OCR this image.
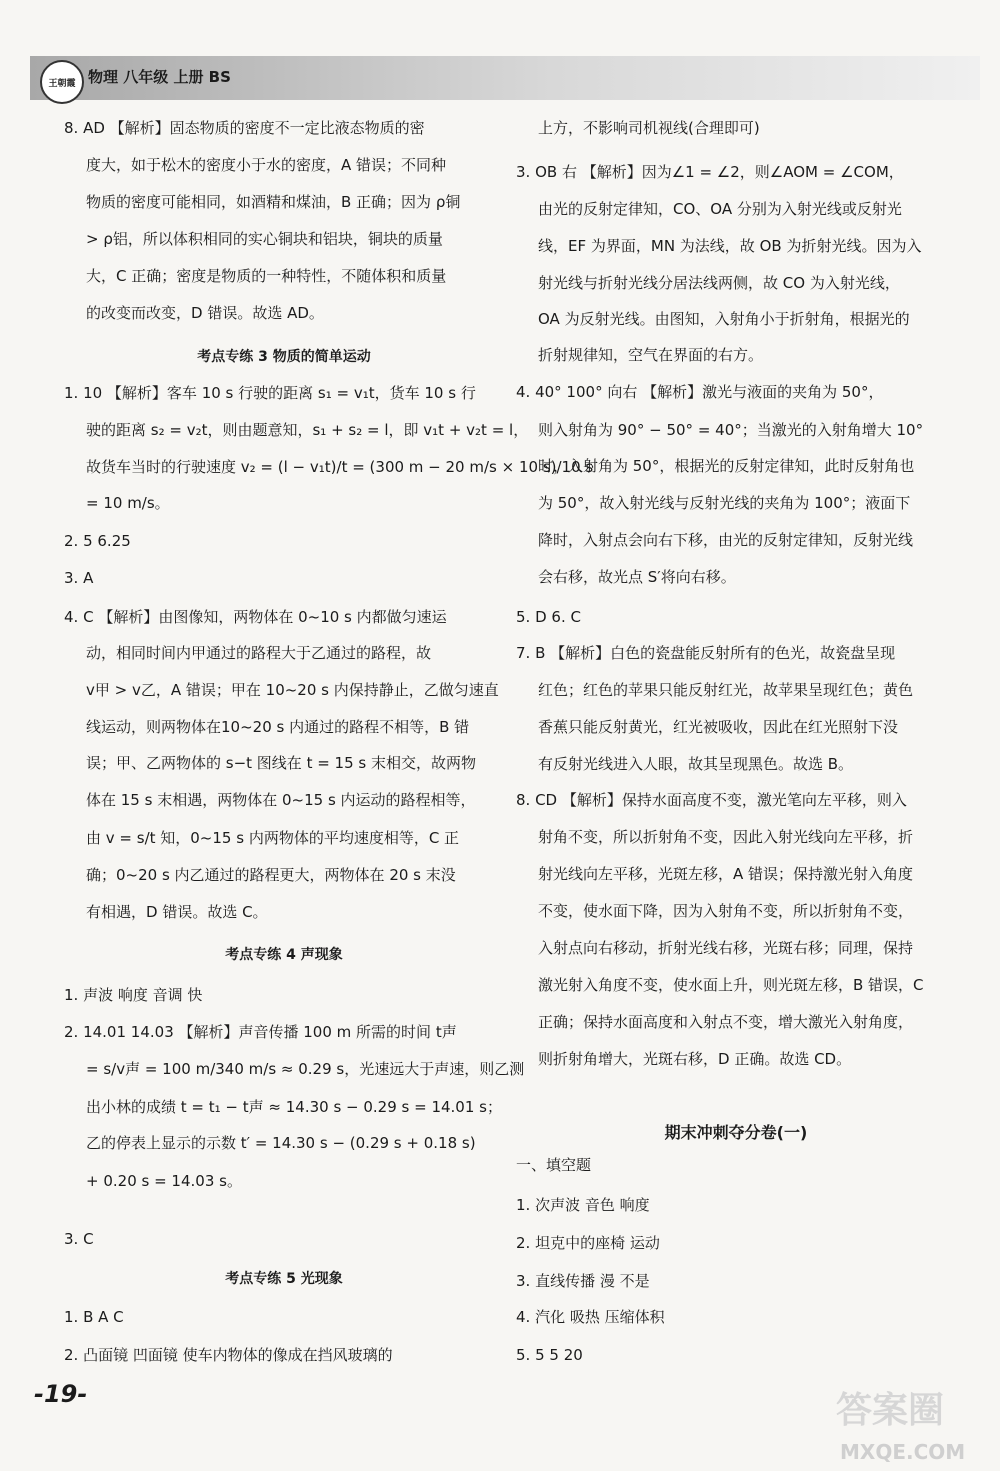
王朝霞 物理 八年级 上册 BS
8. AD 【解析】固态物质的密度不一定比液态物质的密
度大，如于松木的密度小于水的密度，A 错误；不同种
物质的密度可能相同，如酒精和煤油，B 正确；因为 ρ铜
> ρ铝，所以体积相同的实心铜块和铝块，铜块的质量
大，C 正确；密度是物质的一种特性，不随体积和质量
的改变而改变，D 错误。故选 AD。
考点专练 3 物质的简单运动
1. 10 【解析】客车 10 s 行驶的距离 s₁ = v₁t，货车 10 s 行
驶的距离 s₂ = v₂t，则由题意知，s₁ + s₂ = l，即 v₁t + v₂t = l，
故货车当时的行驶速度 v₂ = (l − v₁t)/t = (300 m − 20 m/s × 10 s)/10 s
= 10 m/s。
2. 5 6.25
3. A
4. C 【解析】由图像知，两物体在 0~10 s 内都做匀速运
动，相同时间内甲通过的路程大于乙通过的路程，故
v甲 > v乙，A 错误；甲在 10~20 s 内保持静止，乙做匀速直
线运动，则两物体在10~20 s 内通过的路程不相等，B 错
误；甲、乙两物体的 s−t 图线在 t = 15 s 末相交，故两物
体在 15 s 末相遇，两物体在 0~15 s 内运动的路程相等，
由 v = s/t 知，0~15 s 内两物体的平均速度相等，C 正
确；0~20 s 内乙通过的路程更大，两物体在 20 s 末没
有相遇，D 错误。故选 C。
考点专练 4 声现象
1. 声波 响度 音调 快
2. 14.01 14.03 【解析】声音传播 100 m 所需的时间 t声
= s/v声 = 100 m/340 m/s ≈ 0.29 s，光速远大于声速，则乙测
出小林的成绩 t = t₁ − t声 ≈ 14.30 s − 0.29 s = 14.01 s；
乙的停表上显示的示数 t′ = 14.30 s − (0.29 s + 0.18 s)
+ 0.20 s = 14.03 s。
3. C
考点专练 5 光现象
1. B A C
2. 凸面镜 凹面镜 使车内物体的像成在挡风玻璃的
上方，不影响司机视线(合理即可)
3. OB 右 【解析】因为∠1 = ∠2，则∠AOM = ∠COM，
由光的反射定律知，CO、OA 分别为入射光线或反射光
线，EF 为界面，MN 为法线，故 OB 为折射光线。因为入
射光线与折射光线分居法线两侧，故 CO 为入射光线，
OA 为反射光线。由图知，入射角小于折射角，根据光的
折射规律知，空气在界面的右方。
4. 40° 100° 向右 【解析】激光与液面的夹角为 50°，
则入射角为 90° − 50° = 40°；当激光的入射角增大 10°
时，入射角为 50°，根据光的反射定律知，此时反射角也
为 50°，故入射光线与反射光线的夹角为 100°；液面下
降时，入射点会向右下移，由光的反射定律知，反射光线
会右移，故光点 S′将向右移。
5. D 6. C
7. B 【解析】白色的瓷盘能反射所有的色光，故瓷盘呈现
红色；红色的苹果只能反射红光，故苹果呈现红色；黄色
香蕉只能反射黄光，红光被吸收，因此在红光照射下没
有反射光线进入人眼，故其呈现黑色。故选 B。
8. CD 【解析】保持水面高度不变，激光笔向左平移，则入
射角不变，所以折射角不变，因此入射光线向左平移，折
射光线向左平移，光斑左移，A 错误；保持激光射入角度
不变，使水面下降，因为入射角不变，所以折射角不变，
入射点向右移动，折射光线右移，光斑右移；同理，保持
激光射入角度不变，使水面上升，则光斑左移，B 错误，C
正确；保持水面高度和入射点不变，增大激光入射角度，
则折射角增大，光斑右移，D 正确。故选 CD。
期末冲刺夺分卷(一)
一、填空题
1. 次声波 音色 响度
2. 坦克中的座椅 运动
3. 直线传播 漫 不是
4. 汽化 吸热 压缩体积
5. 5 5 20
-19-	答案圈
MXQE.COM
